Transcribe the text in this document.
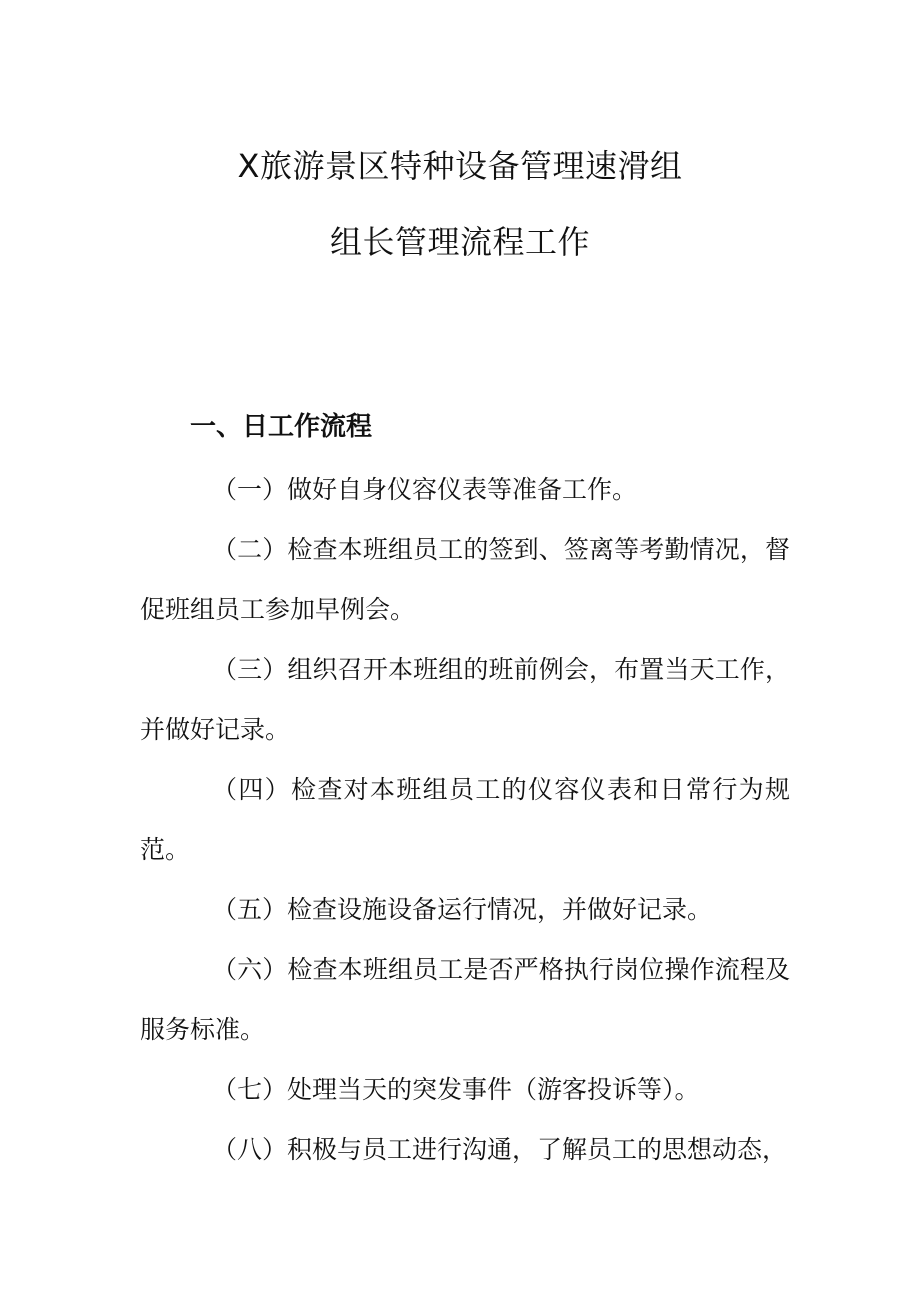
X旅游景区特种设备管理速滑组
组长管理流程工作
一、日工作流程

（一）做好自身仪容仪表等准备工作。

（二）检查本班组员工的签到、签离等考勤情况，督促班组员工参加早例会。

（三）组织召开本班组的班前例会，布置当天工作，并做好记录。

（四）检查对本班组员工的仪容仪表和日常行为规范。

（五）检查设施设备运行情况，并做好记录。

（六）检查本班组员工是否严格执行岗位操作流程及服务标准。

（七）处理当天的突发事件（游客投诉等）。

（八）积极与员工进行沟通，了解员工的思想动态，
